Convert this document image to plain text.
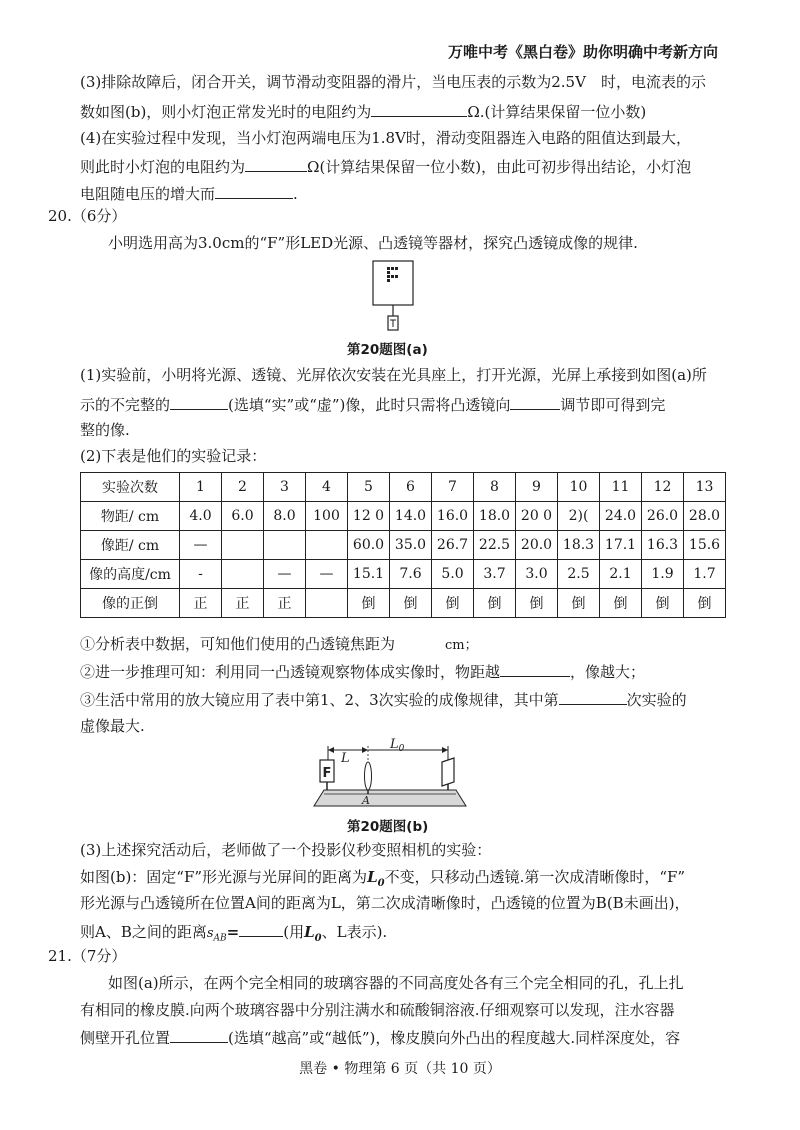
万唯中考《黑白卷》助你明确中考新方向
(3)排除故障后，闭合开关，调节滑动变阻器的滑片，当电压表的示数为2.5V　时，电流表的示
数如图(b)，则小灯泡正常发光时的电阻约为	Ω.(计算结果保留一位小数)
(4)在实验过程中发现，当小灯泡两端电压为1.8V时，滑动变阻器连入电路的阻值达到最大，
则此时小灯泡的电阻约为	Ω(计算结果保留一位小数)，由此可初步得出结论，小灯泡
电阻随电压的增大而	.
20.（6分）
小明选用高为3.0cm的“F”形LED光源、凸透镜等器材，探究凸透镜成像的规律.
第20题图(a)
(1)实验前，小明将光源、透镜、光屏依次安装在光具座上，打开光源，光屏上承接到如图(a)所
示的不完整的	(选填“实”或“虚”)像，此时只需将凸透镜向	调节即可得到完
整的像.
(2)下表是他们的实验记录：
实验次数	1	2	3	4	5	6	7	8	9	10	11	12	13
物距/ cm	4.0	6.0	8.0	100	12 0	14.0	16.0	18.0	20 0	2)(	24.0	26.0	28.0
像距/ cm	—				60.0	35.0	26.7	22.5	20.0	18.3	17.1	16.3	15.6
像的高度/cm	-		—	—	15.1	7.6	5.0	3.7	3.0	2.5	2.1	1.9	1.7
像的正倒	正	正	正		倒	倒	倒	倒	倒	倒	倒	倒	倒
①分析表中数据，可知他们使用的凸透镜焦距为	cm；
②进一步推理可知：利用同一凸透镜观察物体成实像时，物距越	，像越大；
③生活中常用的放大镜应用了表中第1、2、3次实验的成像规律，其中第	次实验的
虚像最大.
F
L
$L_0$
A
第20题图(b)
(3)上述探究活动后，老师做了一个投影仪秒变照相机的实验：
如图(b)：固定“F”形光源与光屏间的距离为$L_0$不变，只移动凸透镜.第一次成清晰像时，“F”
形光源与凸透镜所在位置A间的距离为L，第二次成清晰像时，凸透镜的位置为B(B未画出)，
则A、B之间的距离$s_{AB}=$	(用$L_0$、L表示).
21.（7分）
如图(a)所示，在两个完全相同的玻璃容器的不同高度处各有三个完全相同的孔，孔上扎
有相同的橡皮膜.向两个玻璃容器中分别注满水和硫酸铜溶液.仔细观察可以发现，注水容器
侧壁开孔位置	(选填“越高”或“越低”)，橡皮膜向外凸出的程度越大.同样深度处，容
黑卷 • 物理第 6 页（共 10 页）
